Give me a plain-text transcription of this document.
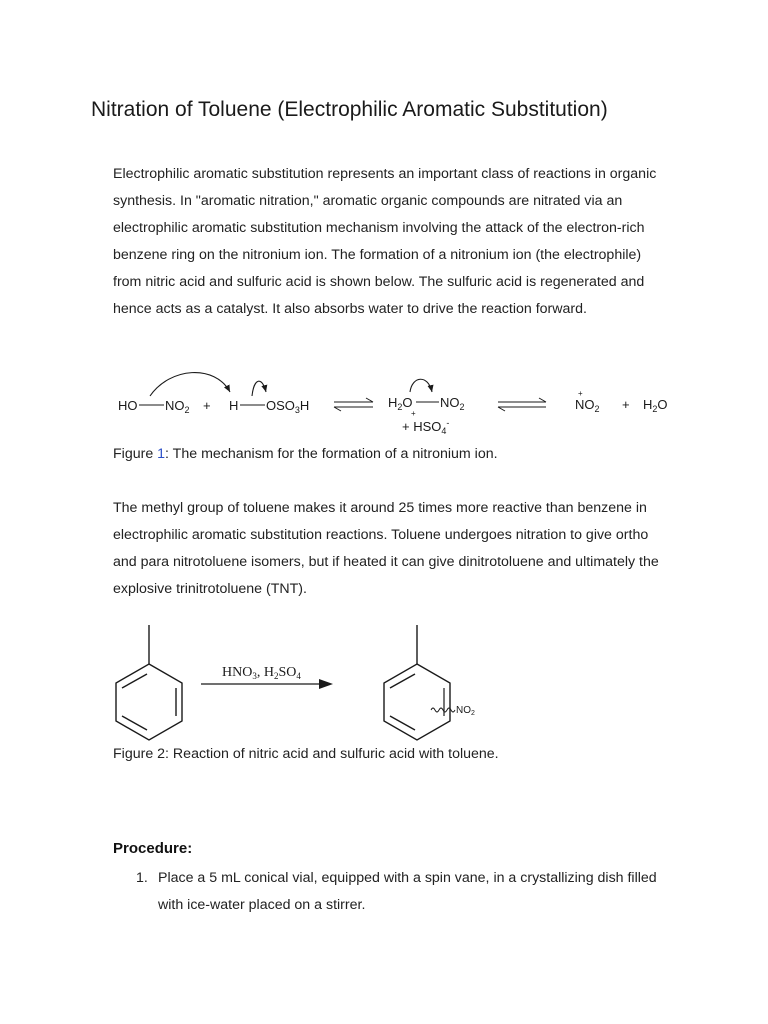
Nitration of Toluene (Electrophilic Aromatic Substitution)

Electrophilic aromatic substitution represents an important class of reactions in organic synthesis. In "aromatic nitration," aromatic organic compounds are nitrated via an electrophilic aromatic substitution mechanism involving the attack of the electron-rich benzene ring on the nitronium ion. The formation of a nitronium ion (the electrophile) from nitric acid and sulfuric acid is shown below. The sulfuric acid is regenerated and hence acts as a catalyst. It also absorbs water to drive the reaction forward.

HO $NO_2 + H$ $OSO_3H$	$H_2O$
+
$NO_2$
+ $HSO_4^-$
+
$NO_2 + H_2O$
Figure 1: The mechanism for the formation of a nitronium ion.

The methyl group of toluene makes it around 25 times more reactive than benzene in electrophilic aromatic substitution reactions. Toluene undergoes nitration to give ortho and para nitrotoluene isomers, but if heated it can give dinitrotoluene and ultimately the explosive trinitrotoluene (TNT).

$HNO_3$, $H_2SO_4$
$NO_2$
Figure 2: Reaction of nitric acid and sulfuric acid with toluene.
Procedure:
1. Place a 5 mL conical vial, equipped with a spin vane, in a crystallizing dish filled with ice-water placed on a stirrer.
